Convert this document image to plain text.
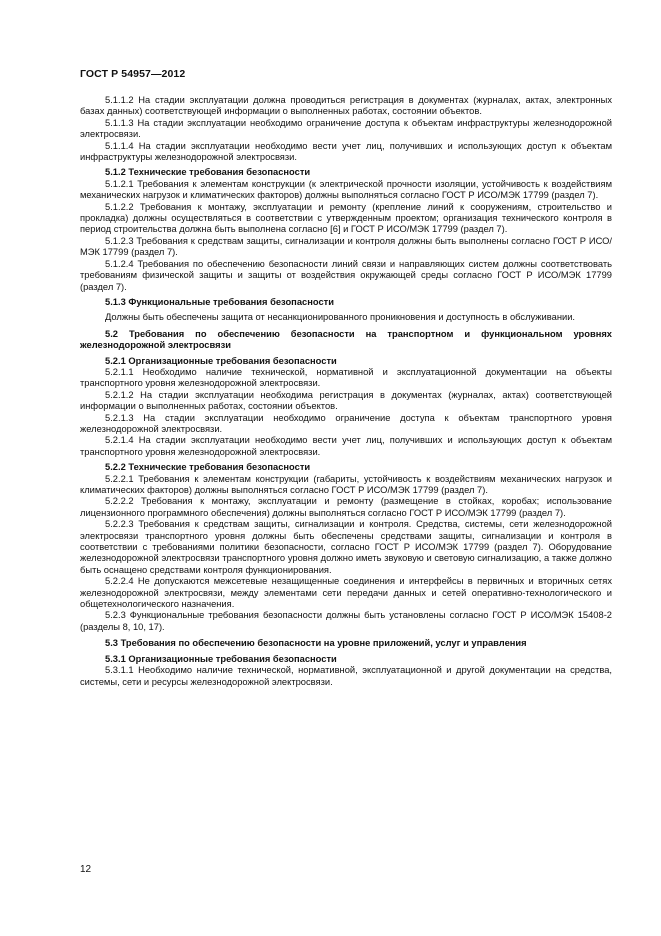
ГОСТ Р 54957—2012

5.1.1.2 На стадии эксплуатации должна проводиться регистрация в документах (журналах, актах, электронных базах данных) соответствующей информации о выполненных работах, состоянии объектов.

5.1.1.3 На стадии эксплуатации необходимо ограничение доступа к объектам инфраструктуры железнодорожной электросвязи.

5.1.1.4 На стадии эксплуатации необходимо вести учет лиц, получивших и использующих доступ к объектам инфраструктуры железнодорожной электросвязи.

5.1.2 Технические требования безопасности

5.1.2.1 Требования к элементам конструкции (к электрической прочности изоляции, устойчивость к воздействиям механических нагрузок и климатических факторов) должны выполняться согласно ГОСТ Р ИСО/МЭК 17799 (раздел 7).

5.1.2.2 Требования к монтажу, эксплуатации и ремонту (крепление линий к сооружениям, строительство и прокладка) должны осуществляться в соответствии с утвержденным проектом; организация технического контроля в период строительства должна быть выполнена согласно [6] и ГОСТ Р ИСО/МЭК 17799 (раздел 7).

5.1.2.3 Требования к средствам защиты, сигнализации и контроля должны быть выполнены согласно ГОСТ Р ИСО/МЭК 17799 (раздел 7).

5.1.2.4 Требования по обеспечению безопасности линий связи и направляющих систем должны соответствовать требованиям физической защиты и защиты от воздействия окружающей среды согласно ГОСТ Р ИСО/МЭК 17799 (раздел 7).

5.1.3 Функциональные требования безопасности

Должны быть обеспечены защита от несанкционированного проникновения и доступность в обслуживании.

5.2 Требования по обеспечению безопасности на транспортном и функциональном уровнях железнодорожной электросвязи

5.2.1 Организационные требования безопасности

5.2.1.1 Необходимо наличие технической, нормативной и эксплуатационной документации на объекты транспортного уровня железнодорожной электросвязи.

5.2.1.2 На стадии эксплуатации необходима регистрация в документах (журналах, актах) соответствующей информации о выполненных работах, состоянии объектов.

5.2.1.3 На стадии эксплуатации необходимо ограничение доступа к объектам транспортного уровня железнодорожной электросвязи.

5.2.1.4 На стадии эксплуатации необходимо вести учет лиц, получивших и использующих доступ к объектам транспортного уровня железнодорожной электросвязи.

5.2.2 Технические требования безопасности

5.2.2.1 Требования к элементам конструкции (габариты, устойчивость к воздействиям механических нагрузок и климатических факторов) должны выполняться согласно ГОСТ Р ИСО/МЭК 17799 (раздел 7).

5.2.2.2 Требования к монтажу, эксплуатации и ремонту (размещение в стойках, коробах; использование лицензионного программного обеспечения) должны выполняться согласно ГОСТ Р ИСО/МЭК 17799 (раздел 7).

5.2.2.3 Требования к средствам защиты, сигнализации и контроля. Средства, системы, сети железнодорожной электросвязи транспортного уровня должны быть обеспечены средствами защиты, сигнализации и контроля в соответствии с требованиями политики безопасности, согласно ГОСТ Р ИСО/МЭК 17799 (раздел 7). Оборудование железнодорожной электросвязи транспортного уровня должно иметь звуковую и световую сигнализацию, а также должно быть оснащено средствами контроля функционирования.

5.2.2.4 Не допускаются межсетевые незащищенные соединения и интерфейсы в первичных и вторичных сетях железнодорожной электросвязи, между элементами сети передачи данных и сетей оперативно-технологического и общетехнологического назначения.

5.2.3 Функциональные требования безопасности должны быть установлены согласно ГОСТ Р ИСО/МЭК 15408-2 (разделы 8, 10, 17).

5.3 Требования по обеспечению безопасности на уровне приложений, услуг и управления

5.3.1 Организационные требования безопасности

5.3.1.1 Необходимо наличие технической, нормативной, эксплуатационной и другой документации на средства, системы, сети и ресурсы железнодорожной электросвязи.

12
